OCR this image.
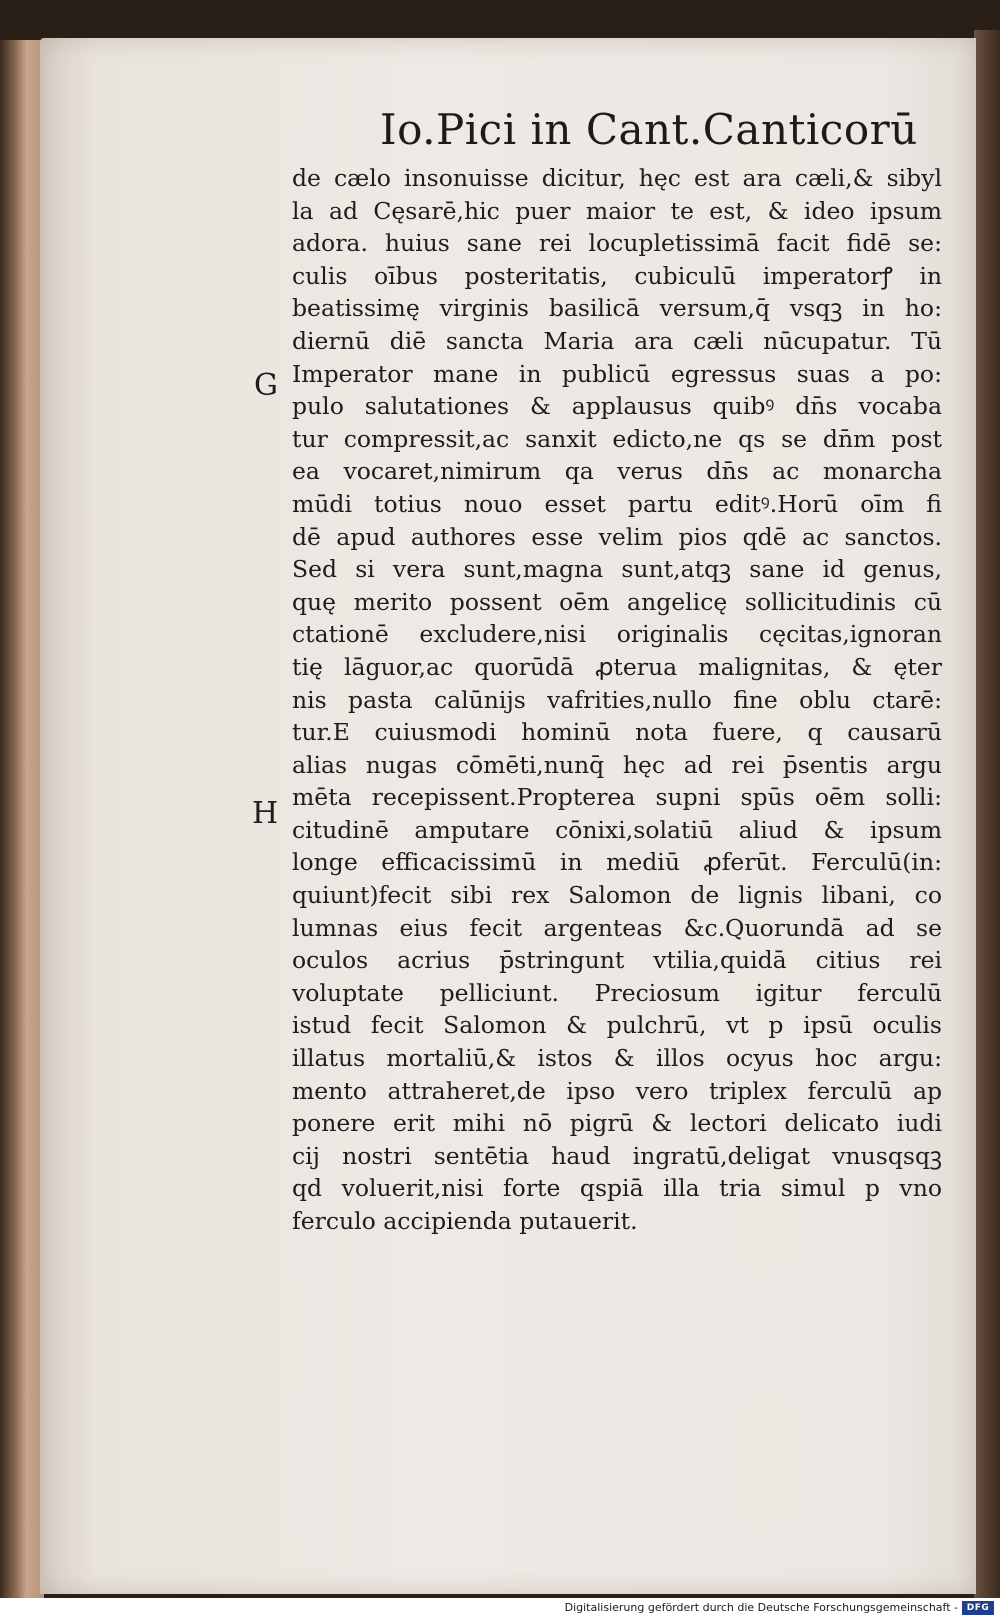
Io.Pici in Cant.Canticorū
G
H
de cælo insonuisse dicitur, hęc est ara cæli,& sibyl
la ad Cęsarē,hic puer maior te est, & ideo ipsum
adora. huius sane rei locupletissimā facit fidē se:
culis oībus posteritatis, cubiculū imperatorꝭ in
beatissimę virginis basilicā versum,q̄ vsqꝫ in ho:
diernū diē sancta Maria ara cæli nūcupatur. Tū
Imperator mane in publicū egressus suas a po:
pulo salutationes & applausus quibꝰ dn̄s vocaba
tur compressit,ac sanxit edicto,ne qs se dn̄m post
ea vocaret,nimirum qa verus dn̄s ac monarcha
mūdi totius nouo esset partu editꝰ.Horū oīm fi
dē apud authores esse velim pios qdē ac sanctos.
Sed si vera sunt,magna sunt,atqꝫ sane id genus,
quę merito possent oēm angelicę sollicitudinis cū
ctationē excludere,nisi originalis cęcitas,ignoran
tię lāguor,ac quorūdā ꝓterua malignitas, & ęter
nis pasta calūnijs vafrities,nullo fine oblu ctarē:
tur.E cuiusmodi hominū nota fuere, q causarū
alias nugas cōmēti,nunq̄ hęc ad rei p̄sentis argu
mēta recepissent.Propterea supni spūs oēm solli:
citudinē amputare cōnixi,solatiū aliud & ipsum
longe efficacissimū in mediū ꝓferūt. Ferculū(in:
quiunt)fecit sibi rex Salomon de lignis libani, co
lumnas eius fecit argenteas &c.Quorundā ad se
oculos acrius p̄stringunt vtilia,quidā citius rei
voluptate pelliciunt. Preciosum igitur ferculū
istud fecit Salomon & pulchrū, vt p ipsū oculis
illatus mortaliū,& istos & illos ocyus hoc argu:
mento attraheret,de ipso vero triplex ferculū ap
ponere erit mihi nō pigrū & lectori delicato iudi
cij nostri sentētia haud ingratū,deligat vnusqsqꝫ
qd voluerit,nisi forte qspiā illa tria simul p vno
ferculo accipienda putauerit.
Digitalisierung gefördert durch die Deutsche Forschungsgemeinschaft - DFG
